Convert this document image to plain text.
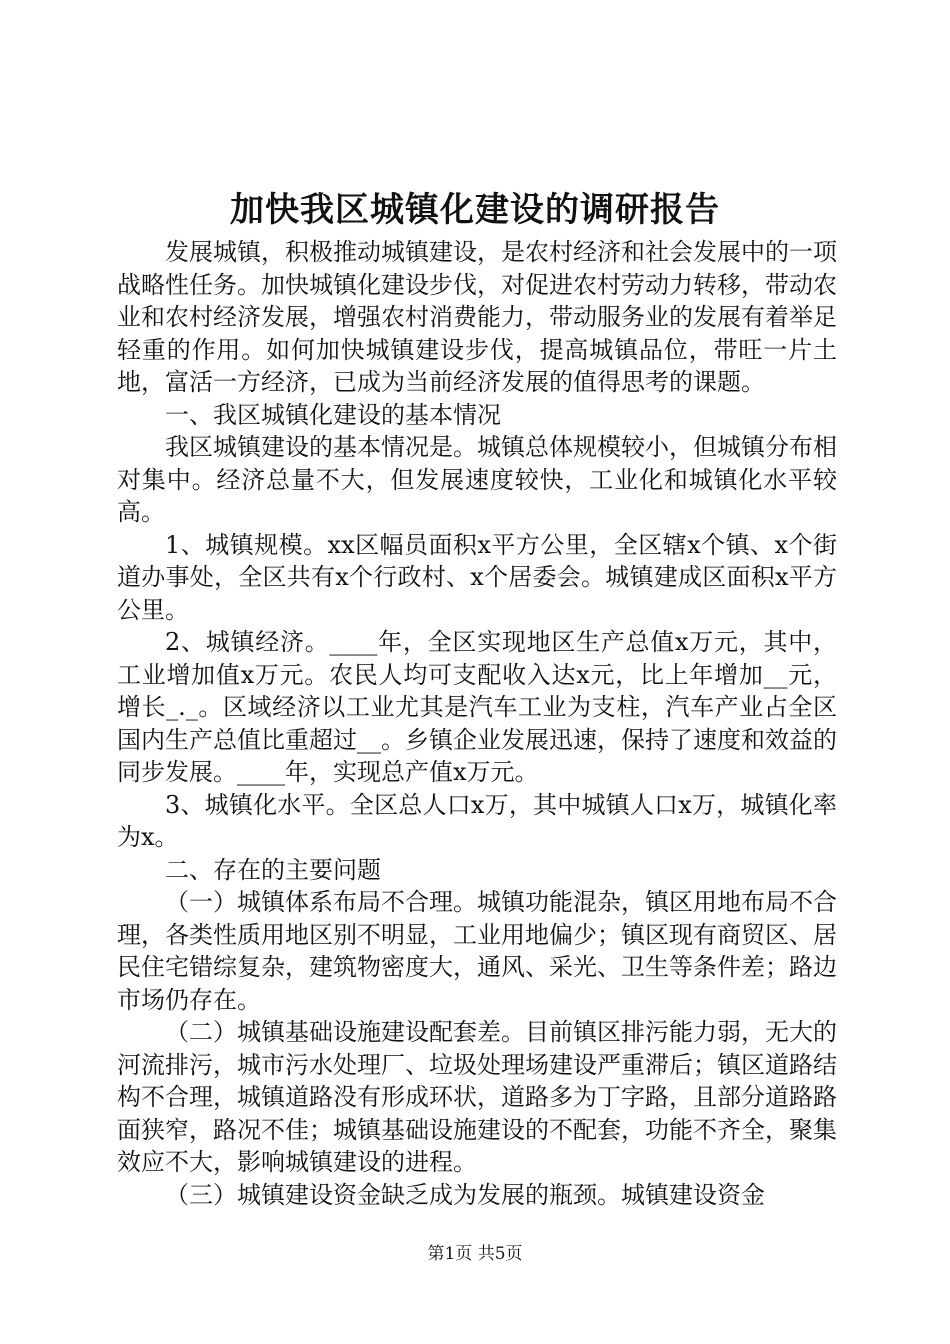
加快我区城镇化建设的调研报告

发展城镇，积极推动城镇建设，是农村经济和社会发展中的一项战略性任务。加快城镇化建设步伐，对促进农村劳动力转移，带动农业和农村经济发展，增强农村消费能力，带动服务业的发展有着举足轻重的作用。如何加快城镇建设步伐，提高城镇品位，带旺一片土地，富活一方经济，已成为当前经济发展的值得思考的课题。

一、我区城镇化建设的基本情况

我区城镇建设的基本情况是。城镇总体规模较小，但城镇分布相对集中。经济总量不大，但发展速度较快，工业化和城镇化水平较高。

1、城镇规模。xx区幅员面积x平方公里，全区辖x个镇、x个街道办事处，全区共有x个行政村、x个居委会。城镇建成区面积x平方公里。

2、城镇经济。____年，全区实现地区生产总值x万元，其中，工业增加值x万元。农民人均可支配收入达x元，比上年增加__元，增长_._。区域经济以工业尤其是汽车工业为支柱，汽车产业占全区国内生产总值比重超过__。乡镇企业发展迅速，保持了速度和效益的同步发展。____年，实现总产值x万元。

3、城镇化水平。全区总人口x万，其中城镇人口x万，城镇化率为x。

二、存在的主要问题

（一）城镇体系布局不合理。城镇功能混杂，镇区用地布局不合理，各类性质用地区别不明显，工业用地偏少；镇区现有商贸区、居民住宅错综复杂，建筑物密度大，通风、采光、卫生等条件差；路边市场仍存在。

（二）城镇基础设施建设配套差。目前镇区排污能力弱，无大的河流排污，城市污水处理厂、垃圾处理场建设严重滞后；镇区道路结构不合理，城镇道路没有形成环状，道路多为丁字路，且部分道路路面狭窄，路况不佳；城镇基础设施建设的不配套，功能不齐全，聚集效应不大，影响城镇建设的进程。

（三）城镇建设资金缺乏成为发展的瓶颈。城镇建设资金

第1页 共5页
